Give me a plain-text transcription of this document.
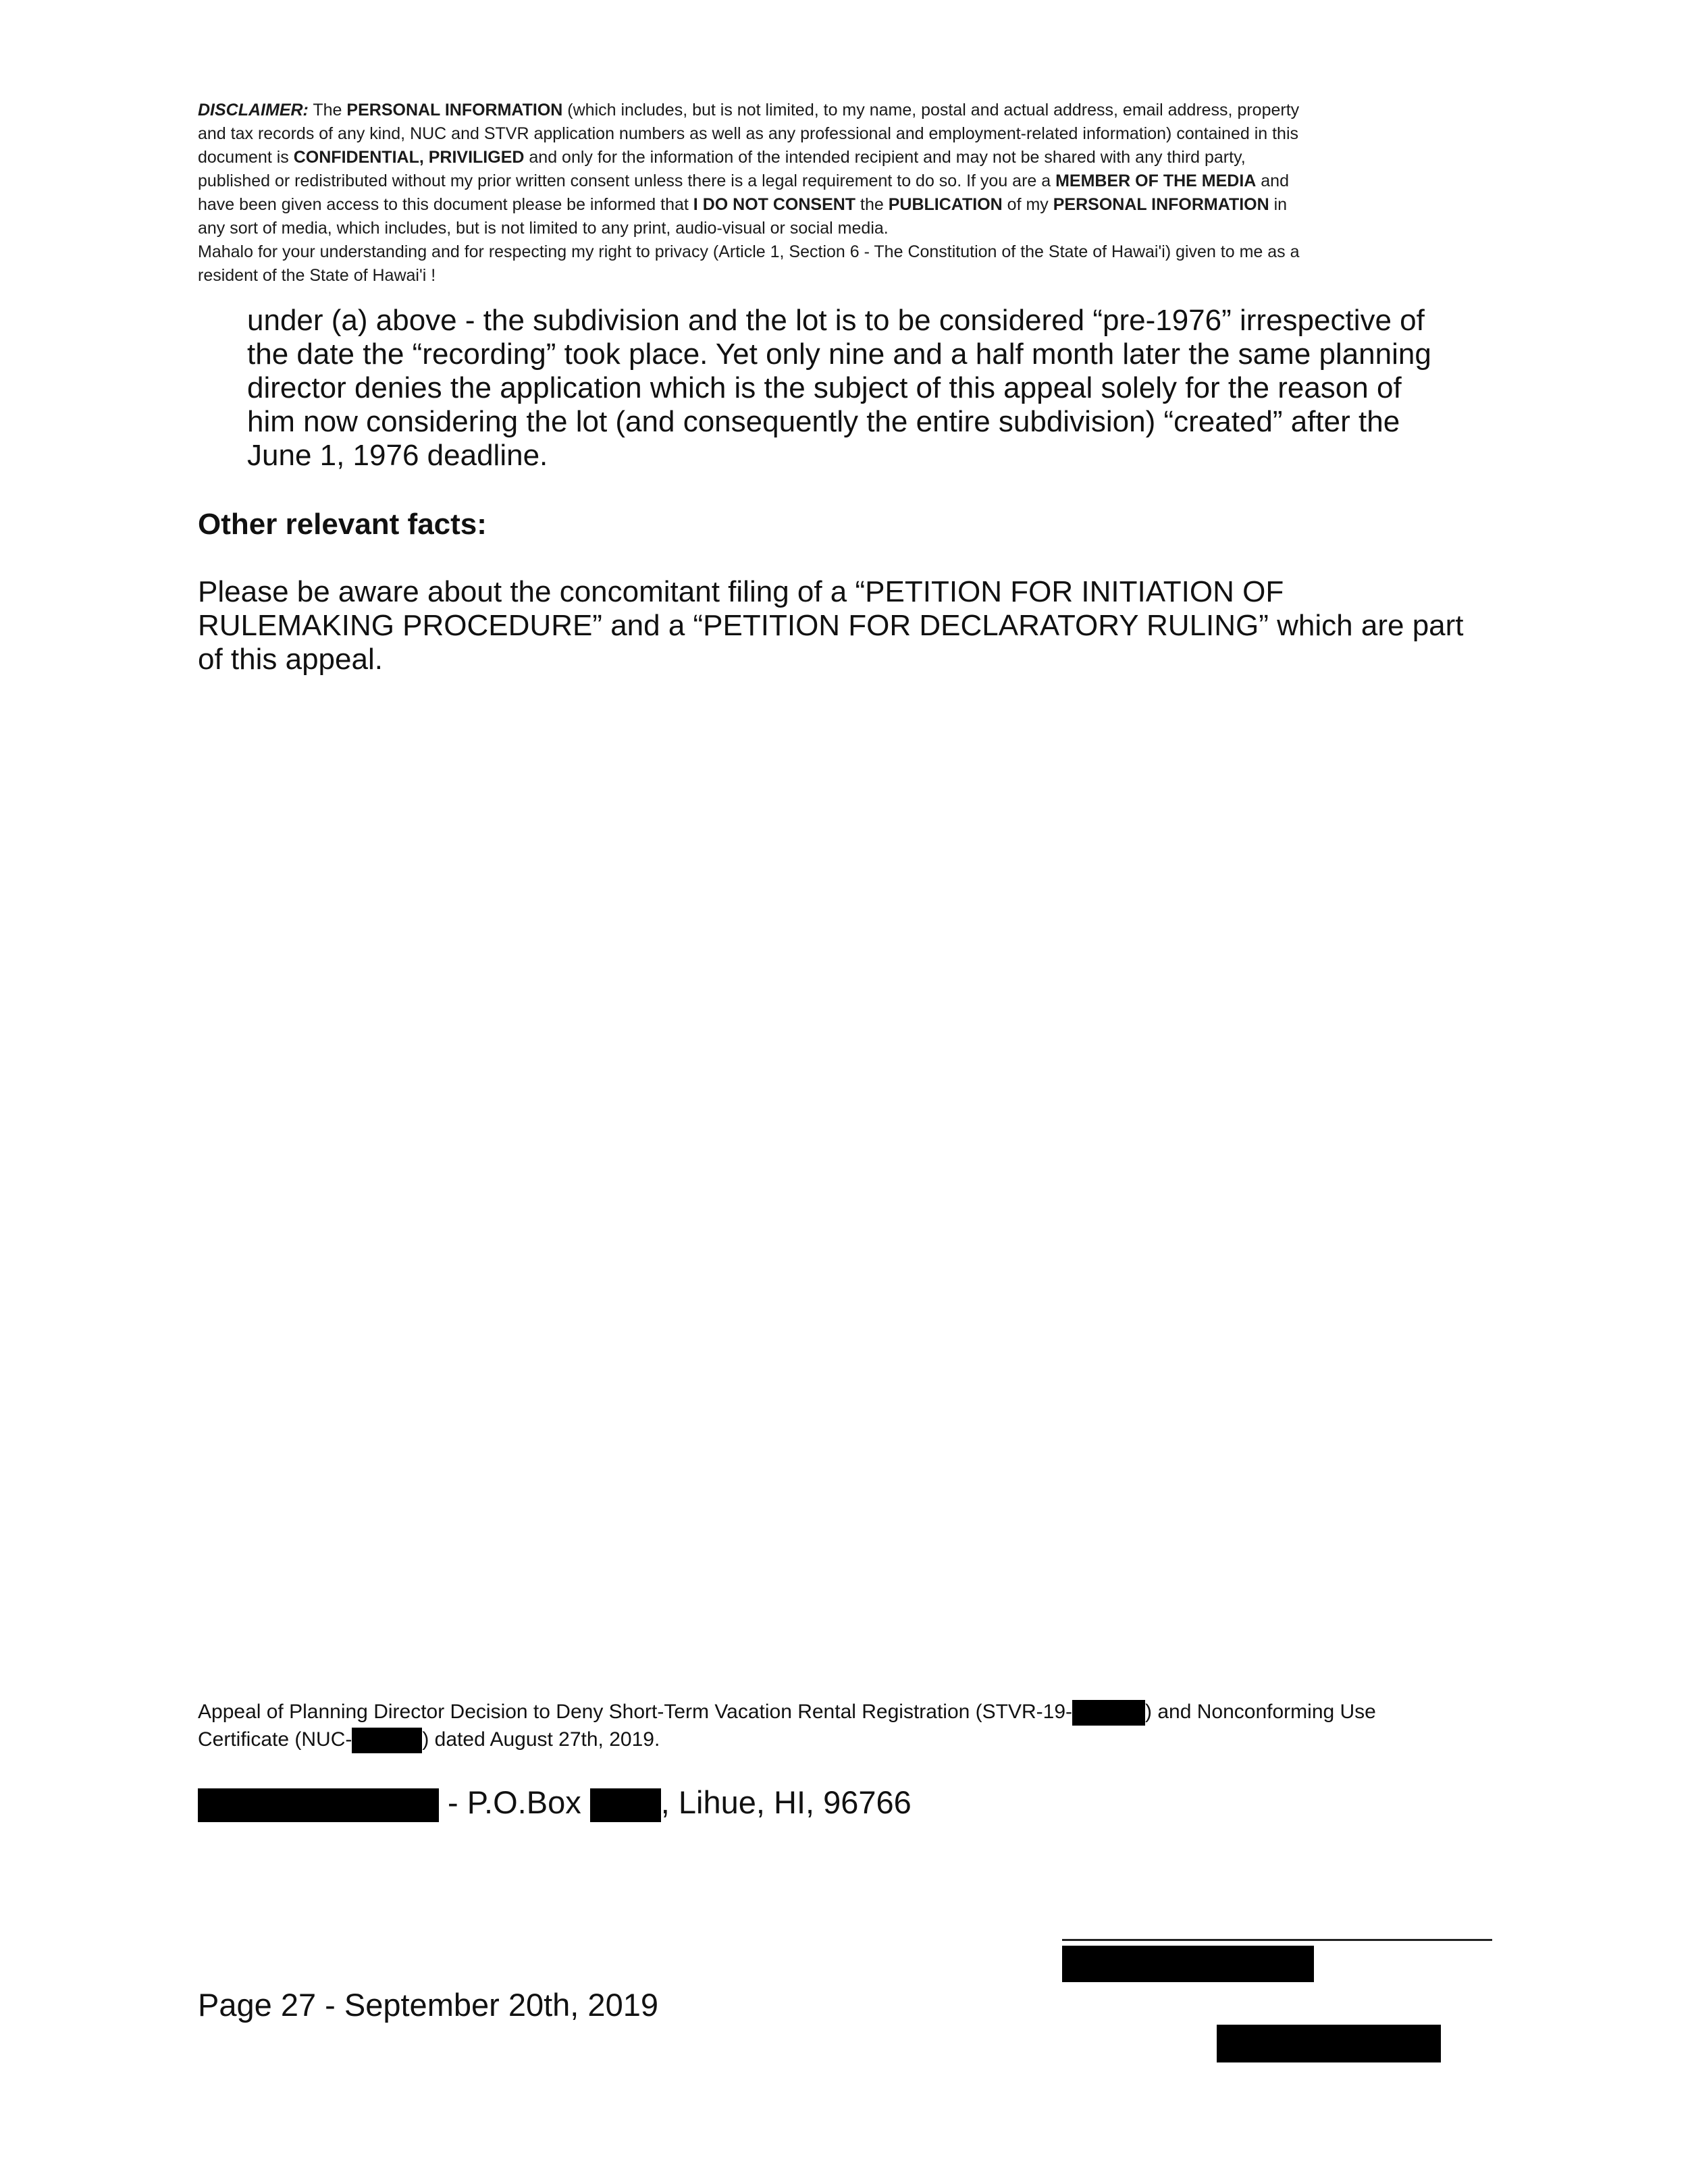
DISCLAIMER: The PERSONAL INFORMATION (which includes, but is not limited, to my name, postal and actual address, email address, property
and tax records of any kind, NUC and STVR application numbers as well as any professional and employment-related information) contained in this
document is CONFIDENTIAL, PRIVILIGED and only for the information of the intended recipient and may not be shared with any third party,
published or redistributed without my prior written consent unless there is a legal requirement to do so. If you are a MEMBER OF THE MEDIA and
have been given access to this document please be informed that I DO NOT CONSENT the PUBLICATION of my PERSONAL INFORMATION in
any sort of media, which includes, but is not limited to any print, audio-visual or social media.
Mahalo for your understanding and for respecting my right to privacy (Article 1, Section 6 - The Constitution of the State of Hawai'i) given to me as a
resident of the State of Hawai'i !
under (a) above - the subdivision and the lot is to be considered “pre-1976” irrespective of
the date the “recording” took place. Yet only nine and a half month later the same planning
director denies the application which is the subject of this appeal solely for the reason of
him now considering the lot (and consequently the entire subdivision) “created” after the
June 1, 1976 deadline.
Other relevant facts:
Please be aware about the concomitant filing of a “PETITION FOR INITIATION OF
RULEMAKING PROCEDURE” and a “PETITION FOR DECLARATORY RULING” which are part
of this appeal.
Appeal of Planning Director Decision to Deny Short-Term Vacation Rental Registration (STVR-19-	) and Nonconforming Use
Certificate (NUC-	) dated August 27th, 2019.
- P.O.Box , Lihue, HI, 96766
Page 27 - September 20th, 2019
